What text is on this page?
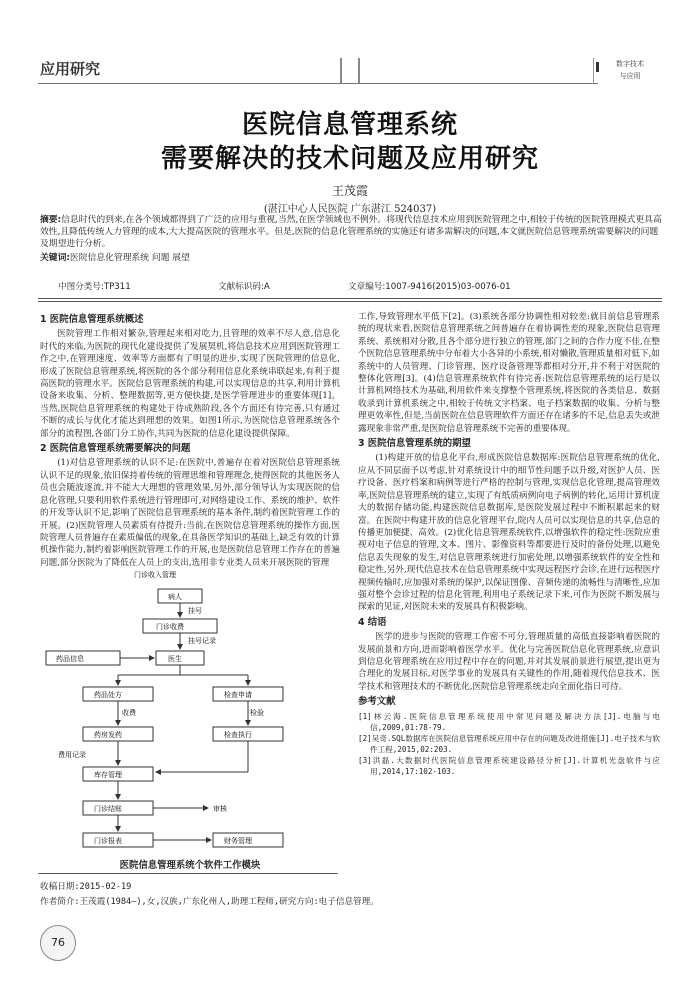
应用研究	数字技术
与应用
医院信息管理系统
需要解决的技术问题及应用研究
王茂霞
(湛江中心人民医院 广东湛江 524037)
摘要:信息时代的到来,在各个领域都得到了广泛的应用与重视,当然,在医学领域也不例外。将现代信息技术应用到医院管理之中,相较于传统的医院管理模式更具高效性,且降低传统人力管理的成本,大大提高医院的管理水平。但是,医院的信息化管理系统的实施还有诸多需解决的问题,本文就医院信息管理系统需要解决的问题及期望进行分析。
关键词:医院信息化管理系统 问题 展望
中图分类号:TP311	文献标识码:A	文章编号:1007-9416(2015)03-0076-01
1 医院信息管理系统概述

医院管理工作相对繁杂,管理起来相对吃力,且管理的效率不尽人意,信息化时代的来临,为医院的现代化建设提供了发展契机,将信息技术应用到医院管理工作之中,在管理速度、效率等方面都有了明显的进步,实现了医院管理的信息化,形成了医院信息管理系统,将医院的各个部分利用信息化系统串联起来,有利于提高医院的管理水平。医院信息管理系统的构建,可以实现信息的共享,利用计算机设备来收集、分析、整理数据等,更方便快捷,是医学管理进步的重要体现[1]。当然,医院信息管理系统的构建处于待成熟阶段,各个方面还有待完善,只有通过不断的成长与优化才能达到理想的效果。如图1所示,为医院信息管理系统各个部分的流程图,各部门分工协作,共同为医院的信息化建设提供保障。

2 医院信息管理系统需要解决的问题

(1)对信息管理系统的认识不足:在医院中,普遍存在着对医院信息管理系统认识不足的现象,依旧保持着传统的管理思维和管理理念,使得医院的其他医务人员也会随波逐流,并不能大大理想的管理效果,另外,部分领导认为实现医院的信息化管理,只要利用软件系统进行管理即可,对网络建设工作、系统的维护、软件的开发等认识不足,影响了医院信息管理系统的基本条件,制约着医院管理工作的开展。(2)医院管理人员素质有待提升:当前,在医院信息管理系统的操作方面,医院管理人员普遍存在素质偏低的现象,在具备医学知识的基础上,缺乏有效的计算机操作能力,制约着影响医院管理工作的开展,也是医院信息管理工作存在的普遍问题,部分医院为了降低在人员上的支出,选用非专业类人员来开展医院的管理

门诊收入管理
病人
挂号
门诊收费
挂号记录
药品信息	医生
药品处方	检查申请
收费	检验
药房发药	检查执行
费用记录
库存管理
门诊结账	审核
门诊报表	财务管理
医院信息管理系统个软件工作模块

工作,导致管理水平低下[2]。(3)系统各部分协调性相对较差:就目前信息管理系统的现状来看,医院信息管理系统之间普遍存在着协调性差的现象,医院信息管理系统、系统相对分散,且各个部分进行独立的管理,部门之间的合作力度不佳,在整个医院信息管理系统中分布着大小各异的小系统,相对懒散,管理质量相对低下,如系统中的人员管理、门诊管理、医疗设备管理等都相对分开,并不利于对医院的整体化管理[3]。(4)信息管理系统软件有待完善:医院信息管理系统的运行是以计算机网络技术为基础,利用软件来支撑整个管理系统,将医院的各类信息、数据收录到计算机系统之中,相较于传统文字档案、电子档案数据的收集、分析与整理更效率性,但是,当前医院在信息管理软件方面还存在诸多的不足,信息丢失或泄露现象非常严重,是医院信息管理系统不完善的重要体现。

3 医院信息管理系统的期望

(1)构建开放的信息化平台,形成医院信息数据库:医院信息管理系统的优化,应从不同层面予以考虑,针对系统设计中的细节性问题予以升级,对医护人员、医疗设备、医疗档案和病例等进行严格的控制与管理,实现信息化管理,提高管理效率,医院信息管理系统的建立,实现了有纸质病例向电子病例的转化,运用计算机庞大的数据存储功能,构建医院信息数据库,是医院发展过程中不断积累起来的财富。在医院中构建开放的信息化管理平台,院内人员可以实现信息的共享,信息的传播更加便捷、高效。(2)优化信息管理系统软件,以增强软件的稳定性:医院应重视对电子信息的管理,文本、图片、影像资料等都要进行及时的备份处理,以避免信息丢失现象的发生,对信息管理系统进行加密处理,以增强系统软件的安全性和稳定性,另外,现代信息技术在信息管理系统中实现远程医疗会诊,在进行远程医疗视频传输时,应加强对系统的保护,以保证图像、音频传递的流畅性与清晰性,应加强对整个会诊过程的信息化管理,利用电子系统记录下来,可作为医院不断发展与探索的见证,对医院未来的发展具有积极影响。

4 结语

医学的进步与医院的管理工作密不可分,管理质量的高低直接影响着医院的发展前景和方向,进而影响着医学水平。优化与完善医院信息化管理系统,应意识到信息化管理系统在应用过程中存在的问题,并对其发展前景进行展望,提出更为合理化的发展目标,对医学事业的发展具有关键性的作用,随着现代信息技术、医学技术和管理技术的不断优化,医院信息管理系统走向全面化指日可待。

参考文献

[1]林云海.医院信息管理系统使用中常见问题及解决方法[J].电脑与电信,2009,01:78-79.

[2]吴奇.SQL数据库在医院信息管理系统应用中存在的问题及改进措施[J].电子技术与软件工程,2015,02:203.

[3]洪磊.大数据时代医院信息管理系统建设路径分析[J].计算机光盘软件与应用,2014,17:102-103.

收稿日期:2015-02-19
作者简介:王茂霞(1984—),女,汉族,广东化州人,助理工程师,研究方向:电子信息管理。
76
